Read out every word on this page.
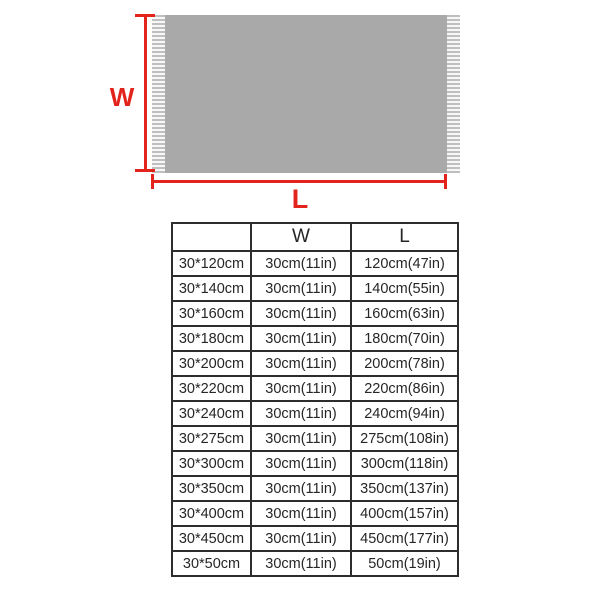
W
L
	W	L
30*120cm	30cm(11in)	120cm(47in)
30*140cm	30cm(11in)	140cm(55in)
30*160cm	30cm(11in)	160cm(63in)
30*180cm	30cm(11in)	180cm(70in)
30*200cm	30cm(11in)	200cm(78in)
30*220cm	30cm(11in)	220cm(86in)
30*240cm	30cm(11in)	240cm(94in)
30*275cm	30cm(11in)	275cm(108in)
30*300cm	30cm(11in)	300cm(118in)
30*350cm	30cm(11in)	350cm(137in)
30*400cm	30cm(11in)	400cm(157in)
30*450cm	30cm(11in)	450cm(177in)
30*50cm	30cm(11in)	50cm(19in)
